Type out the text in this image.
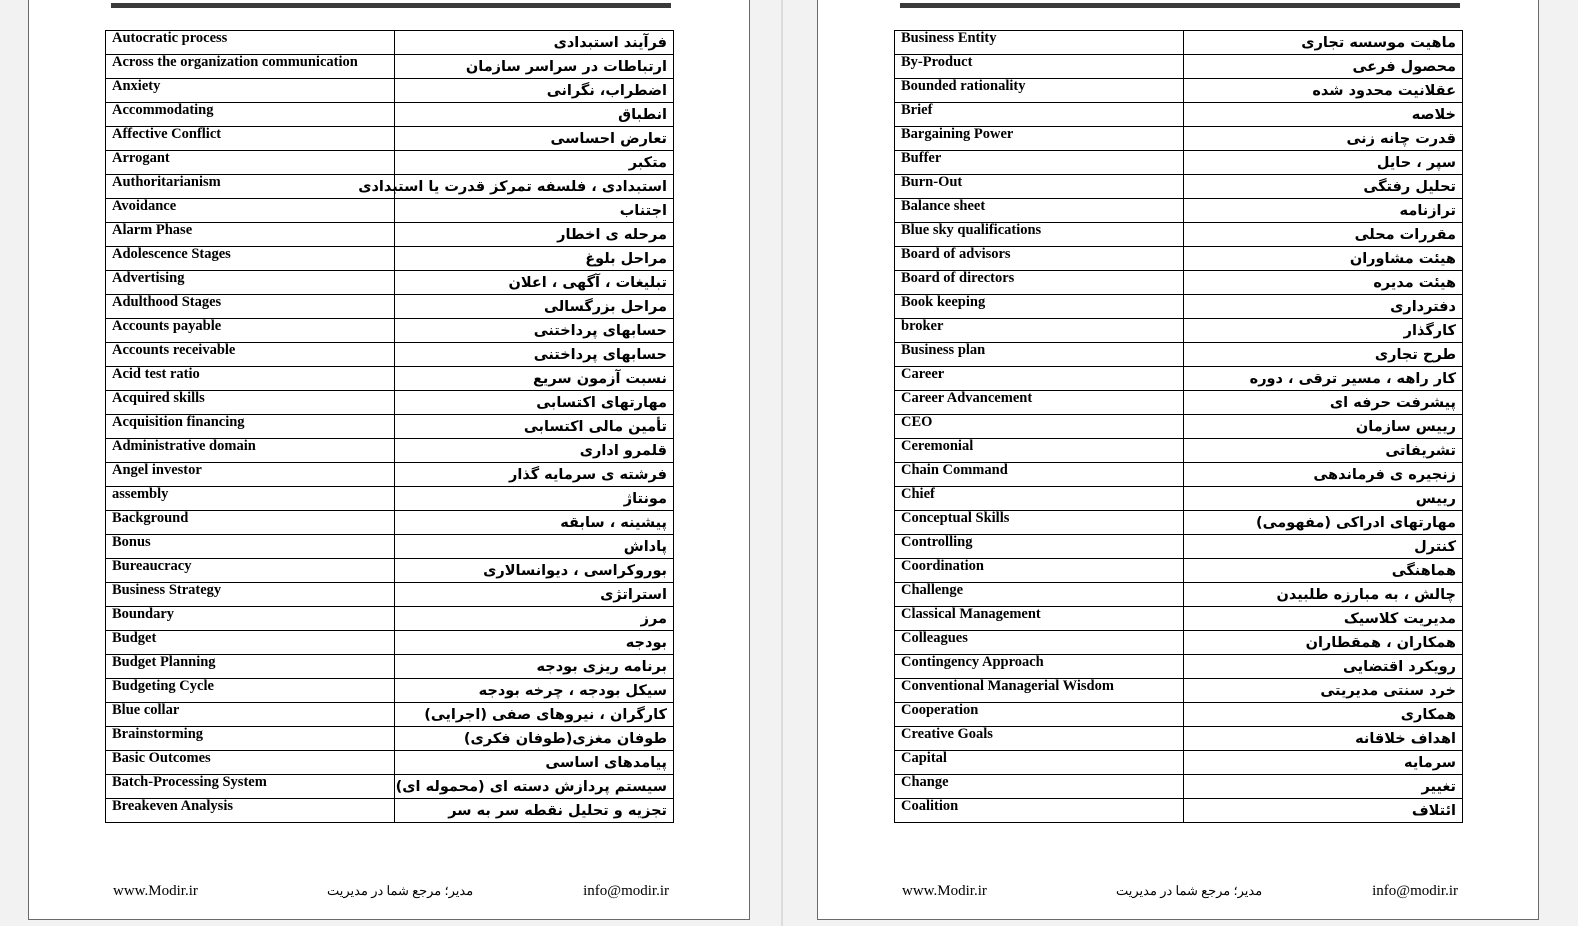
Autocratic process	فرآیند استبدادی
Across the organization communication	ارتباطات در سراسر سازمان
Anxiety	اضطراب، نگرانی
Accommodating	انطباق
Affective Conflict	تعارض احساسی
Arrogant	متکبر
Authoritarianism	استبدادی ، فلسفه تمرکز قدرت یا استبدادی
Avoidance	اجتناب
Alarm Phase	مرحله ی اخطار
Adolescence Stages	مراحل بلوغ
Advertising	تبلیغات ، آگهی ، اعلان
Adulthood Stages	مراحل بزرگسالی
Accounts payable	حسابهای پرداختنی
Accounts receivable	حسابهای پرداختنی
Acid test ratio	نسبت آزمون سریع
Acquired skills	مهارتهای اکتسابی
Acquisition financing	تأمین مالی اکتسابی
Administrative domain	قلمرو اداری
Angel investor	فرشته ی سرمایه گذار
assembly	مونتاژ
Background	پیشینه ، سابقه
Bonus	پاداش
Bureaucracy	بوروکراسی ، دیوانسالاری
Business Strategy	استراتژی
Boundary	مرز
Budget	بودجه
Budget Planning	برنامه ریزی بودجه
Budgeting Cycle	سیکل بودجه ، چرخه بودجه
Blue collar	کارگران ، نیروهای صفی (اجرایی)
Brainstorming	طوفان مغزی(طوفان فکری)
Basic Outcomes	پیامدهای اساسی
Batch-Processing System	سیستم پردازش دسته ای (محموله ای)
Breakeven Analysis	تجزیه و تحلیل نقطه سر به سر
www.Modir.ir	مدیر؛ مرجع شما در مدیریت	info@modir.ir
Business Entity	ماهیت موسسه تجاری
By-Product	محصول فرعی
Bounded rationality	عقلانیت محدود شده
Brief	خلاصه
Bargaining Power	قدرت چانه زنی
Buffer	سپر ، حایل
Burn-Out	تحلیل رفتگی
Balance sheet	ترازنامه
Blue sky qualifications	مقررات محلی
Board of advisors	هیئت مشاوران
Board of directors	هیئت مدیره
Book keeping	دفترداری
broker	کارگذار
Business plan	طرح تجاری
Career	کار راهه ، مسیر ترقی ، دوره
Career Advancement	پیشرفت حرفه ای
CEO	رییس سازمان
Ceremonial	تشریفاتی
Chain Command	زنجیره ی فرماندهی
Chief	رییس
Conceptual Skills	مهارتهای ادراکی (مفهومی)
Controlling	کنترل
Coordination	هماهنگی
Challenge	چالش ، به مبارزه طلبیدن
Classical Management	مدیریت کلاسیک
Colleagues	همکاران ، همقطاران
Contingency Approach	رویکرد اقتضایی
Conventional Managerial Wisdom	خرد سنتی مدیریتی
Cooperation	همکاری
Creative Goals	اهداف خلاقانه
Capital	سرمایه
Change	تغییر
Coalition	ائتلاف
www.Modir.ir	مدیر؛ مرجع شما در مدیریت	info@modir.ir
